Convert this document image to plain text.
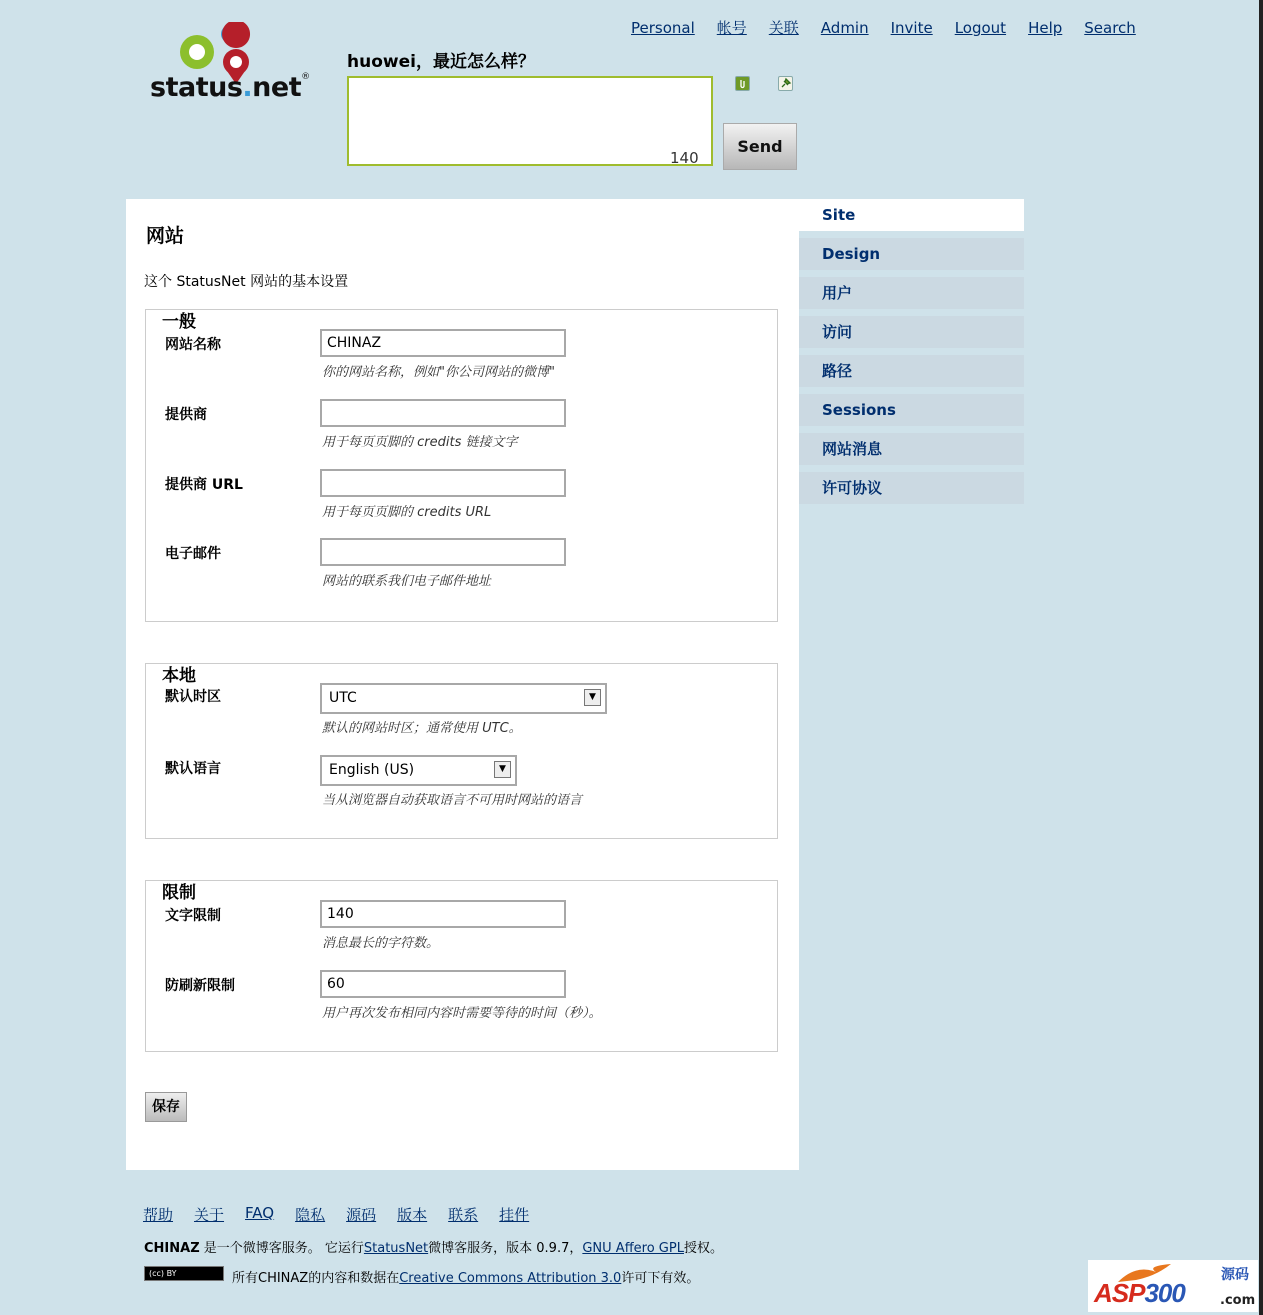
status.net®
Personal	帐号	关联	Admin	Invite	Logout	Help	Search
huowei，最近怎么样？
140
Send
网站
这个 StatusNet 网站的基本设置
一般
网站名称	CHINAZ
你的网站名称，例如"你公司网站的微博"
提供商
用于每页页脚的 credits 链接文字
提供商 URL
用于每页页脚的 credits URL
电子邮件
网站的联系我们电子邮件地址
本地
默认时区	UTC	▼
默认的网站时区；通常使用 UTC。
默认语言	English (US)	▼
当从浏览器自动获取语言不可用时网站的语言
限制
文字限制	140
消息最长的字符数。
防刷新限制	60
用户再次发布相同内容时需要等待的时间（秒）。
保存
Site
Design
用户
访问
路径
Sessions
网站消息
许可协议
帮助 关于 FAQ 隐私 源码 版本 联系 挂件
CHINAZ 是一个微博客服务。 它运行StatusNet微博客服务，版本 0.9.7，GNU Affero GPL授权。
(cc) BY	所有CHINAZ的内容和数据在Creative Commons Attribution 3.0许可下有效。	ASP300
源码
.com
